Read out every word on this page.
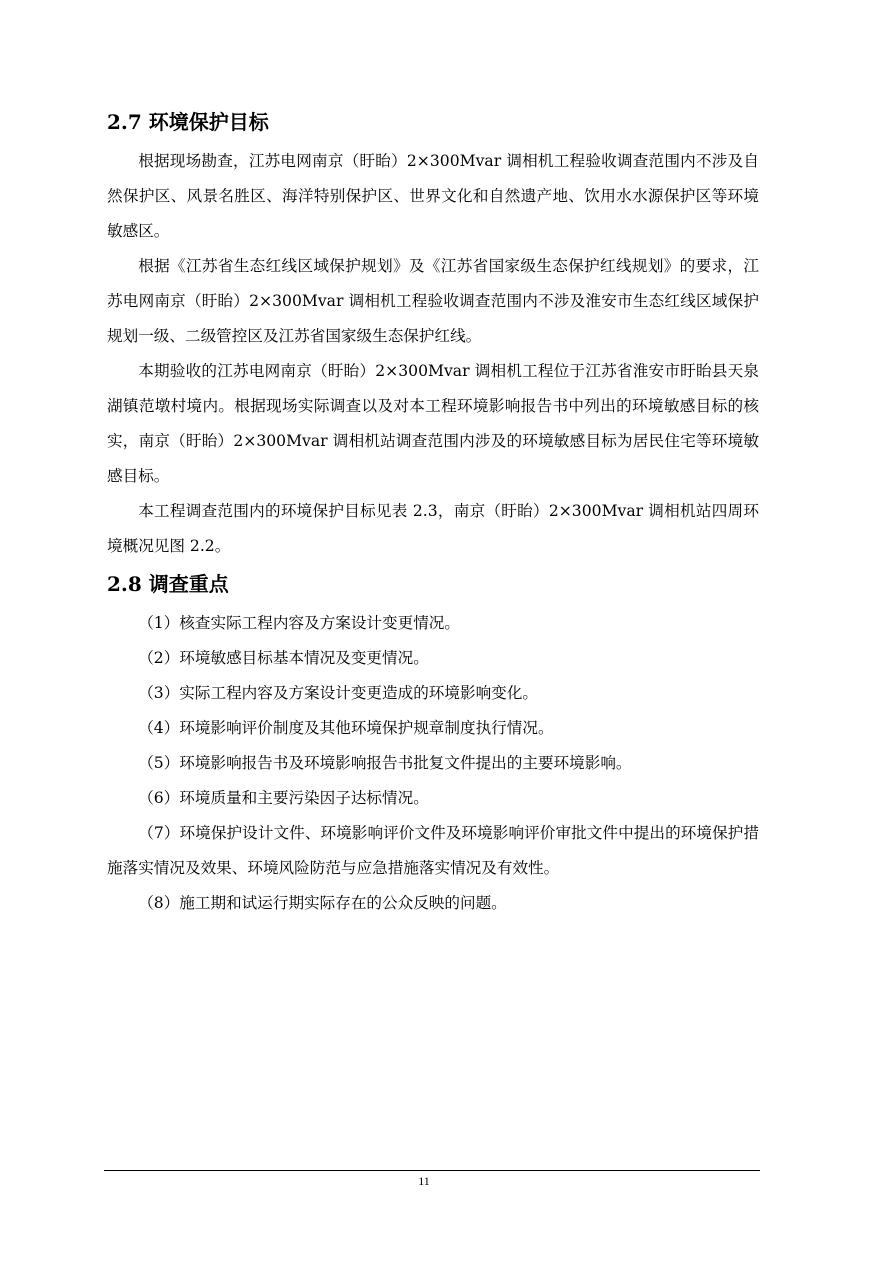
2.7 环境保护目标

根据现场勘查，江苏电网南京（盱眙）2×300Mvar 调相机工程验收调查范围内不涉及自然保护区、风景名胜区、海洋特别保护区、世界文化和自然遗产地、饮用水水源保护区等环境敏感区。

根据《江苏省生态红线区域保护规划》及《江苏省国家级生态保护红线规划》的要求，江苏电网南京（盱眙）2×300Mvar 调相机工程验收调查范围内不涉及淮安市生态红线区域保护规划一级、二级管控区及江苏省国家级生态保护红线。

本期验收的江苏电网南京（盱眙）2×300Mvar 调相机工程位于江苏省淮安市盱眙县天泉湖镇范墩村境内。根据现场实际调查以及对本工程环境影响报告书中列出的环境敏感目标的核实，南京（盱眙）2×300Mvar 调相机站调查范围内涉及的环境敏感目标为居民住宅等环境敏感目标。

本工程调查范围内的环境保护目标见表 2.3，南京（盱眙）2×300Mvar 调相机站四周环境概况见图 2.2。

2.8 调查重点

（1）核查实际工程内容及方案设计变更情况。

（2）环境敏感目标基本情况及变更情况。

（3）实际工程内容及方案设计变更造成的环境影响变化。

（4）环境影响评价制度及其他环境保护规章制度执行情况。

（5）环境影响报告书及环境影响报告书批复文件提出的主要环境影响。

（6）环境质量和主要污染因子达标情况。

（7）环境保护设计文件、环境影响评价文件及环境影响评价审批文件中提出的环境保护措施落实情况及效果、环境风险防范与应急措施落实情况及有效性。

（8）施工期和试运行期实际存在的公众反映的问题。

11
